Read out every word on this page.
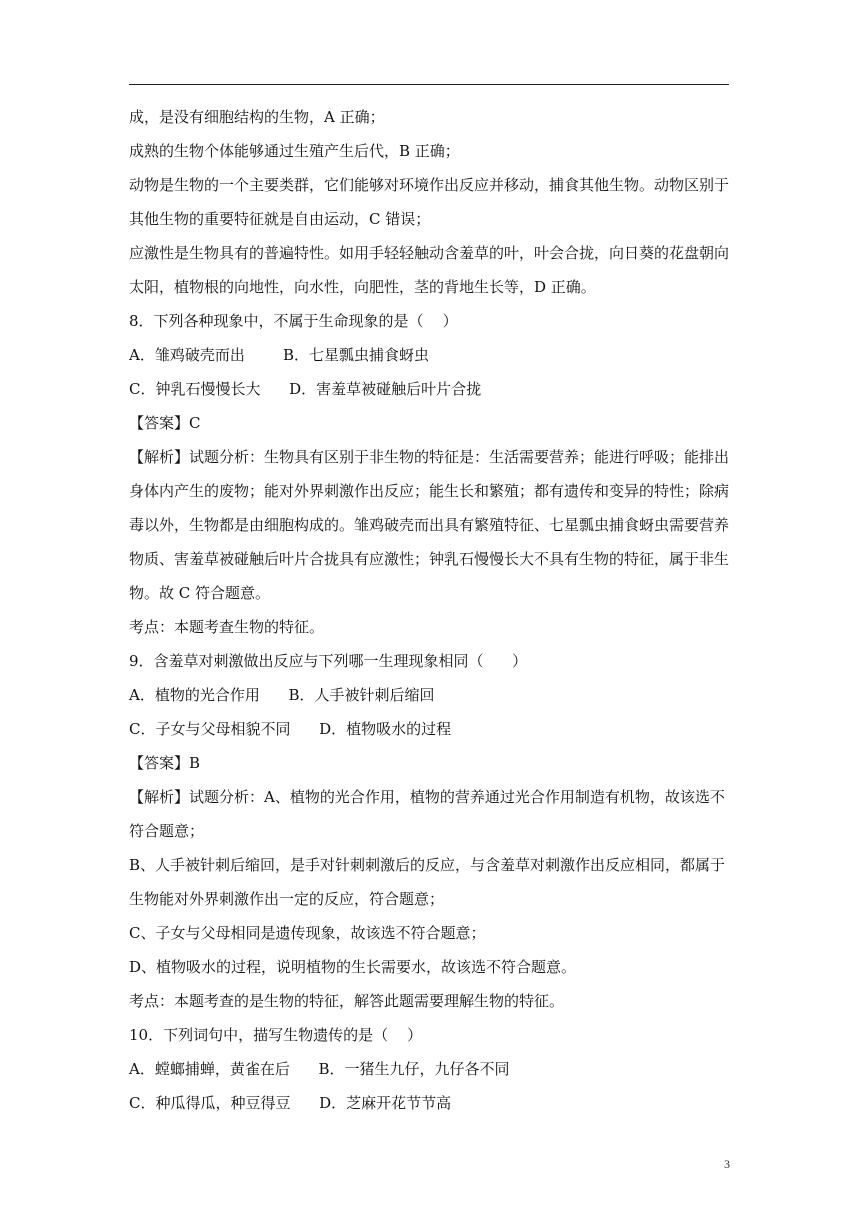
成，是没有细胞结构的生物，A 正确；
成熟的生物个体能够通过生殖产生后代，B 正确；
动物是生物的一个主要类群，它们能够对环境作出反应并移动，捕食其他生物。动物区别于
其他生物的重要特征就是自由运动，C 错误；
应激性是生物具有的普遍特性。如用手轻轻触动含羞草的叶，叶会合拢，向日葵的花盘朝向
太阳，植物根的向地性，向水性，向肥性，茎的背地生长等，D 正确。
8．下列各种现象中，不属于生命现象的是（    ）
A．雏鸡破壳而出        B．七星瓢虫捕食蚜虫
C．钟乳石慢慢长大      D．害羞草被碰触后叶片合拢
【答案】C
【解析】试题分析：生物具有区别于非生物的特征是：生活需要营养；能进行呼吸；能排出
身体内产生的废物；能对外界刺激作出反应；能生长和繁殖；都有遗传和变异的特性；除病
毒以外，生物都是由细胞构成的。雏鸡破壳而出具有繁殖特征、七星瓢虫捕食蚜虫需要营养
物质、害羞草被碰触后叶片合拢具有应激性；钟乳石慢慢长大不具有生物的特征，属于非生
物。故 C 符合题意。
考点：本题考查生物的特征。
9．含羞草对刺激做出反应与下列哪一生理现象相同（      ）
A．植物的光合作用      B．人手被针刺后缩回
C．子女与父母相貌不同      D．植物吸水的过程
【答案】B
【解析】试题分析：A、植物的光合作用，植物的营养通过光合作用制造有机物，故该选不
符合题意；
B、人手被针刺后缩回，是手对针刺刺激后的反应，与含羞草对刺激作出反应相同，都属于
生物能对外界刺激作出一定的反应，符合题意；
C、子女与父母相同是遗传现象，故该选不符合题意；
D、植物吸水的过程，说明植物的生长需要水，故该选不符合题意。
考点：本题考查的是生物的特征，解答此题需要理解生物的特征。
10．下列词句中，描写生物遗传的是（    ）
A．螳螂捕蝉，黄雀在后      B．一猪生九仔，九仔各不同
C．种瓜得瓜，种豆得豆      D．芝麻开花节节高
3
